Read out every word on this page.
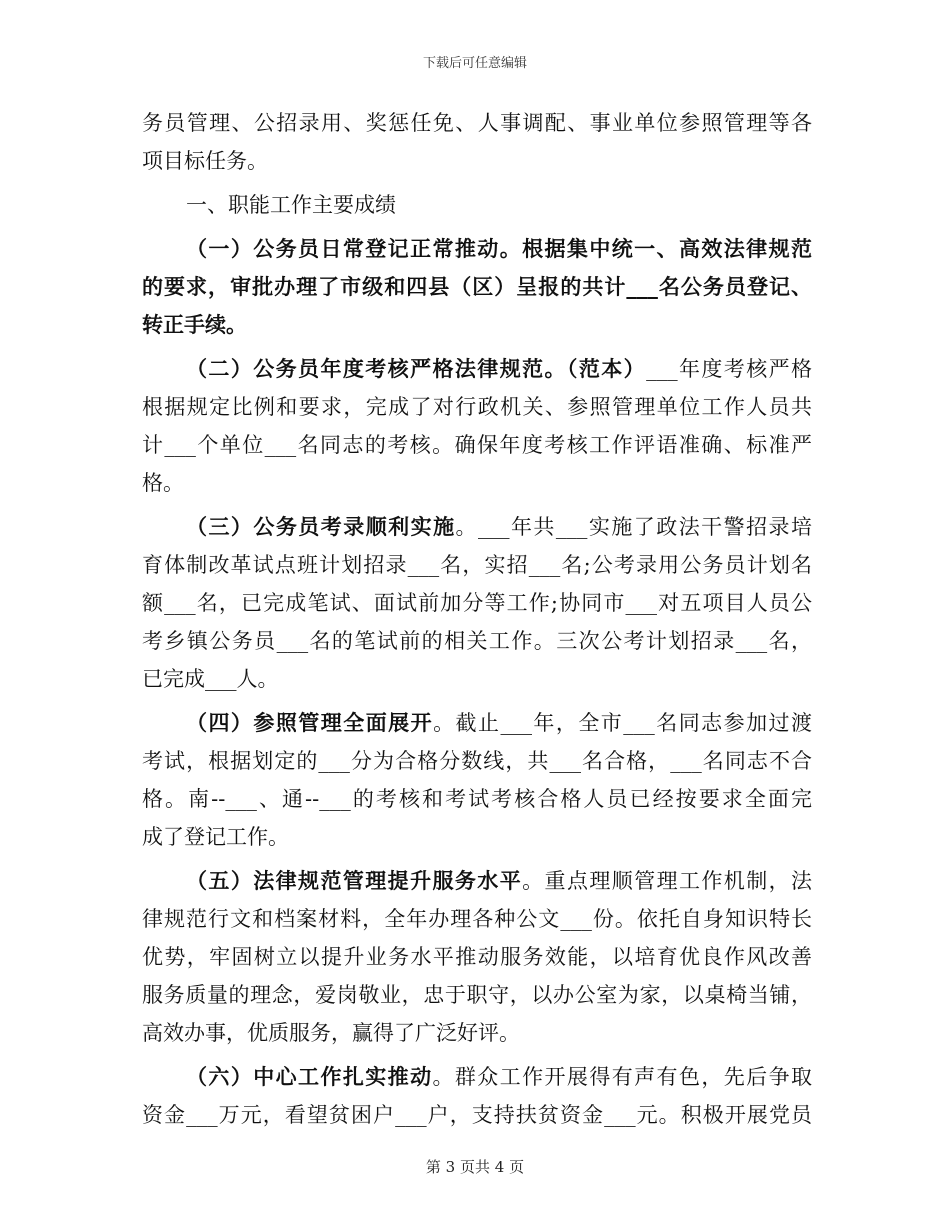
下载后可任意编辑
务员管理、公招录用、奖惩任免、人事调配、事业单位参照管理等各
项目标任务。
一、职能工作主要成绩
（一）公务员日常登记正常推动。根据集中统一、高效法律规范
的要求，审批办理了市级和四县（区）呈报的共计___名公务员登记、
转正手续。
（二）公务员年度考核严格法律规范。（范本）___年度考核严格
根据规定比例和要求，完成了对行政机关、参照管理单位工作人员共
计___个单位___名同志的考核。确保年度考核工作评语准确、标准严
格。
（三）公务员考录顺利实施。___年共___实施了政法干警招录培
育体制改革试点班计划招录___名，实招___名;公考录用公务员计划名
额___名，已完成笔试、面试前加分等工作;协同市___对五项目人员公
考乡镇公务员___名的笔试前的相关工作。三次公考计划招录___名，
已完成___人。
（四）参照管理全面展开。截止___年，全市___名同志参加过渡
考试，根据划定的___分为合格分数线，共___名合格，___名同志不合
格。南--___、通--___的考核和考试考核合格人员已经按要求全面完
成了登记工作。
（五）法律规范管理提升服务水平。重点理顺管理工作机制，法
律规范行文和档案材料，全年办理各种公文___份。依托自身知识特长
优势，牢固树立以提升业务水平推动服务效能，以培育优良作风改善
服务质量的理念，爱岗敬业，忠于职守，以办公室为家，以桌椅当铺，
高效办事，优质服务，赢得了广泛好评。
（六）中心工作扎实推动。群众工作开展得有声有色，先后争取
资金___万元，看望贫困户___户，支持扶贫资金___元。积极开展党员
第 3 页共 4 页
